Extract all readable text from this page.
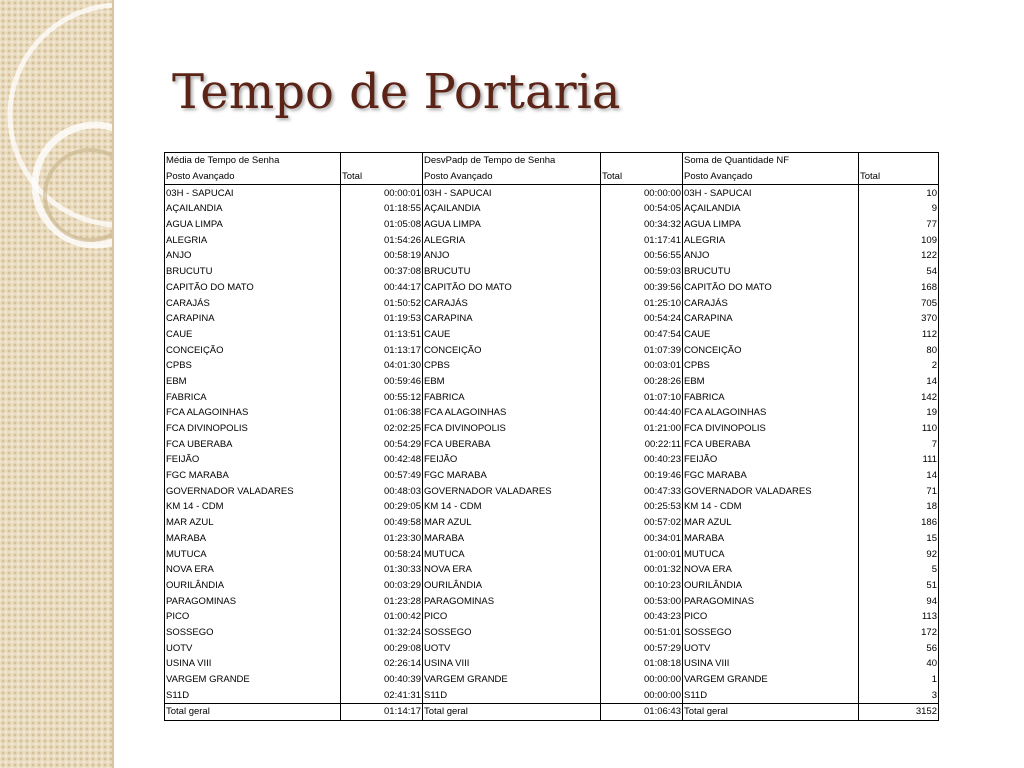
Tempo de Portaria
Média de Tempo de Senha		DesvPadp de Tempo de Senha		Soma de Quantidade NF	
Posto Avançado	Total	Posto Avançado	Total	Posto Avançado	Total
03H - SAPUCAI	00:00:01	03H - SAPUCAI	00:00:00	03H - SAPUCAI	10
AÇAILANDIA	01:18:55	AÇAILANDIA	00:54:05	AÇAILANDIA	9
AGUA LIMPA	01:05:08	AGUA LIMPA	00:34:32	AGUA LIMPA	77
ALEGRIA	01:54:26	ALEGRIA	01:17:41	ALEGRIA	109
ANJO	00:58:19	ANJO	00:56:55	ANJO	122
BRUCUTU	00:37:08	BRUCUTU	00:59:03	BRUCUTU	54
CAPITÃO DO MATO	00:44:17	CAPITÃO DO MATO	00:39:56	CAPITÃO DO MATO	168
CARAJÁS	01:50:52	CARAJÁS	01:25:10	CARAJÁS	705
CARAPINA	01:19:53	CARAPINA	00:54:24	CARAPINA	370
CAUE	01:13:51	CAUE	00:47:54	CAUE	112
CONCEIÇÃO	01:13:17	CONCEIÇÃO	01:07:39	CONCEIÇÃO	80
CPBS	04:01:30	CPBS	00:03:01	CPBS	2
EBM	00:59:46	EBM	00:28:26	EBM	14
FABRICA	00:55:12	FABRICA	01:07:10	FABRICA	142
FCA ALAGOINHAS	01:06:38	FCA ALAGOINHAS	00:44:40	FCA ALAGOINHAS	19
FCA DIVINOPOLIS	02:02:25	FCA DIVINOPOLIS	01:21:00	FCA DIVINOPOLIS	110
FCA UBERABA	00:54:29	FCA UBERABA	00:22:11	FCA UBERABA	7
FEIJÃO	00:42:48	FEIJÃO	00:40:23	FEIJÃO	111
FGC MARABA	00:57:49	FGC MARABA	00:19:46	FGC MARABA	14
GOVERNADOR VALADARES	00:48:03	GOVERNADOR VALADARES	00:47:33	GOVERNADOR VALADARES	71
KM 14 - CDM	00:29:05	KM 14 - CDM	00:25:53	KM 14 - CDM	18
MAR AZUL	00:49:58	MAR AZUL	00:57:02	MAR AZUL	186
MARABA	01:23:30	MARABA	00:34:01	MARABA	15
MUTUCA	00:58:24	MUTUCA	01:00:01	MUTUCA	92
NOVA ERA	01:30:33	NOVA ERA	00:01:32	NOVA ERA	5
OURILÂNDIA	00:03:29	OURILÂNDIA	00:10:23	OURILÂNDIA	51
PARAGOMINAS	01:23:28	PARAGOMINAS	00:53:00	PARAGOMINAS	94
PICO	01:00:42	PICO	00:43:23	PICO	113
SOSSEGO	01:32:24	SOSSEGO	00:51:01	SOSSEGO	172
UOTV	00:29:08	UOTV	00:57:29	UOTV	56
USINA VIII	02:26:14	USINA VIII	01:08:18	USINA VIII	40
VARGEM GRANDE	00:40:39	VARGEM GRANDE	00:00:00	VARGEM GRANDE	1
S11D	02:41:31	S11D	00:00:00	S11D	3
Total geral	01:14:17	Total geral	01:06:43	Total geral	3152
